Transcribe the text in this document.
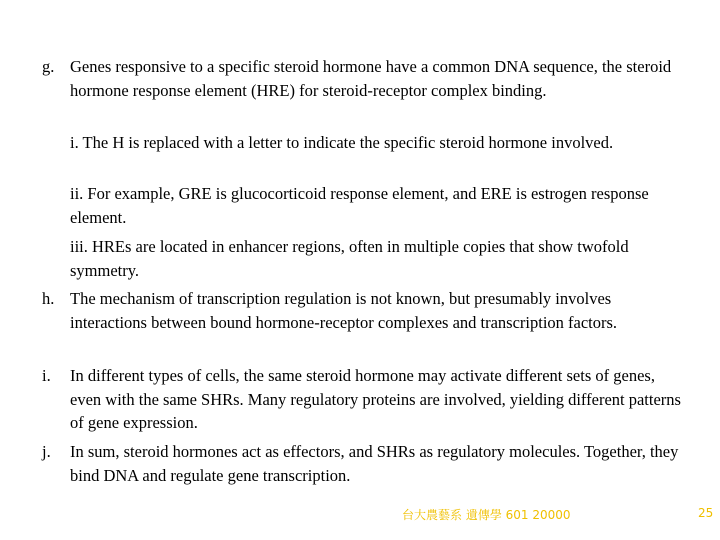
g. Genes responsive to a specific steroid hormone have a common DNA sequence, the steroid hormone response element (HRE) for steroid-receptor complex binding.
i. The H is replaced with a letter to indicate the specific steroid hormone involved.
ii. For example, GRE is glucocorticoid response element, and ERE is estrogen response element.
iii. HREs are located in enhancer regions, often in multiple copies that show twofold symmetry.
h. The mechanism of transcription regulation is not known, but presumably involves interactions between bound hormone-receptor complexes and transcription factors.
i.	In different types of cells, the same steroid hormone may activate different sets of genes, even with the same SHRs. Many regulatory proteins are involved, yielding different patterns of gene expression.
j.	In sum, steroid hormones act as effectors, and SHRs as regulatory molecules. Together, they bind DNA and regulate gene transcription.
台大農藝系 遺傳學 601 20000	25
